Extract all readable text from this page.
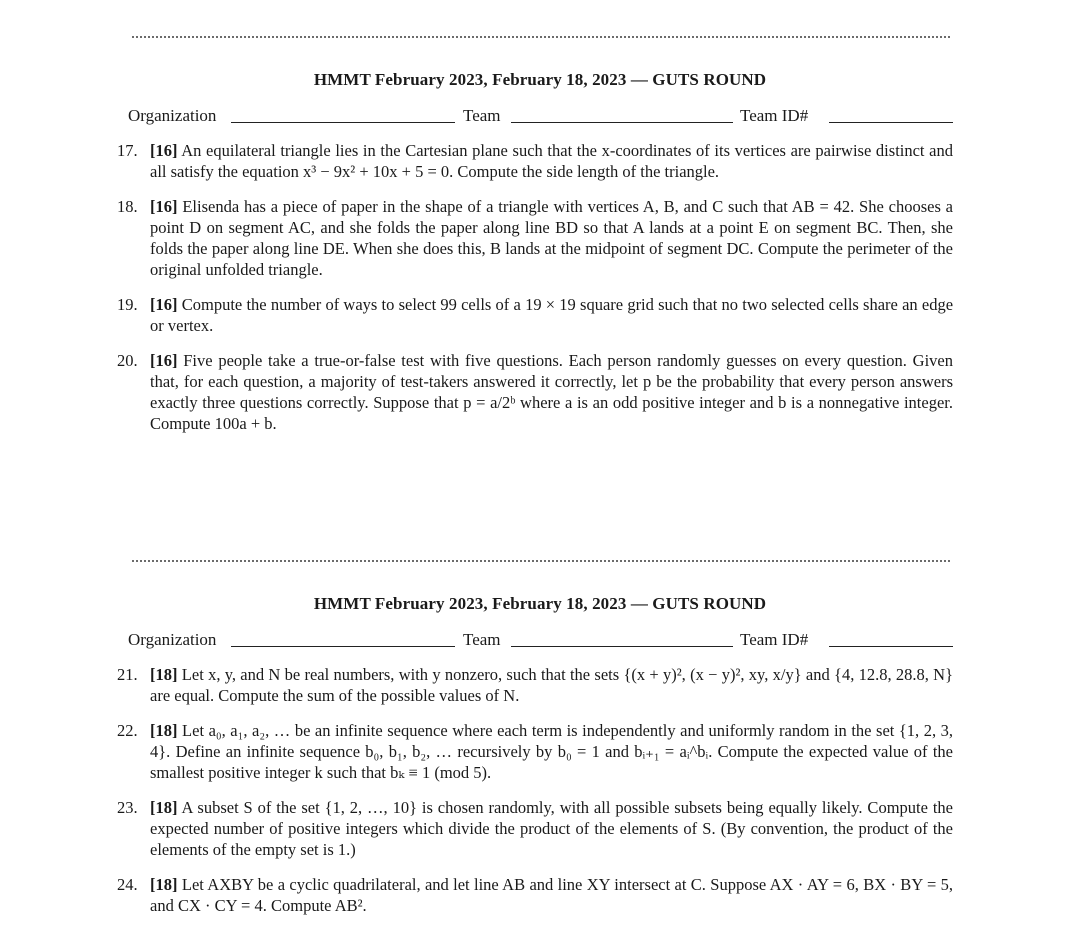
HMMT February 2023, February 18, 2023 — GUTS ROUND
Organization	Team	Team ID#
17. [16] An equilateral triangle lies in the Cartesian plane such that the x-coordinates of its vertices are pairwise distinct and all satisfy the equation x³ − 9x² + 10x + 5 = 0. Compute the side length of the triangle.
18. [16] Elisenda has a piece of paper in the shape of a triangle with vertices A, B, and C such that AB = 42. She chooses a point D on segment AC, and she folds the paper along line BD so that A lands at a point E on segment BC. Then, she folds the paper along line DE. When she does this, B lands at the midpoint of segment DC. Compute the perimeter of the original unfolded triangle.
19. [16] Compute the number of ways to select 99 cells of a 19 × 19 square grid such that no two selected cells share an edge or vertex.
20. [16] Five people take a true-or-false test with five questions. Each person randomly guesses on every question. Given that, for each question, a majority of test-takers answered it correctly, let p be the probability that every person answers exactly three questions correctly. Suppose that p = a/2ᵇ where a is an odd positive integer and b is a nonnegative integer. Compute 100a + b.
HMMT February 2023, February 18, 2023 — GUTS ROUND
Organization	Team	Team ID#
21. [18] Let x, y, and N be real numbers, with y nonzero, such that the sets {(x + y)², (x − y)², xy, x/y} and {4, 12.8, 28.8, N} are equal. Compute the sum of the possible values of N.
22. [18] Let a₀, a₁, a₂, … be an infinite sequence where each term is independently and uniformly random in the set {1, 2, 3, 4}. Define an infinite sequence b₀, b₁, b₂, … recursively by b₀ = 1 and bᵢ₊₁ = aᵢ^bᵢ. Compute the expected value of the smallest positive integer k such that bₖ ≡ 1 (mod 5).
23. [18] A subset S of the set {1, 2, …, 10} is chosen randomly, with all possible subsets being equally likely. Compute the expected number of positive integers which divide the product of the elements of S. (By convention, the product of the elements of the empty set is 1.)
24. [18] Let AXBY be a cyclic quadrilateral, and let line AB and line XY intersect at C. Suppose AX · AY = 6, BX · BY = 5, and CX · CY = 4. Compute AB².
